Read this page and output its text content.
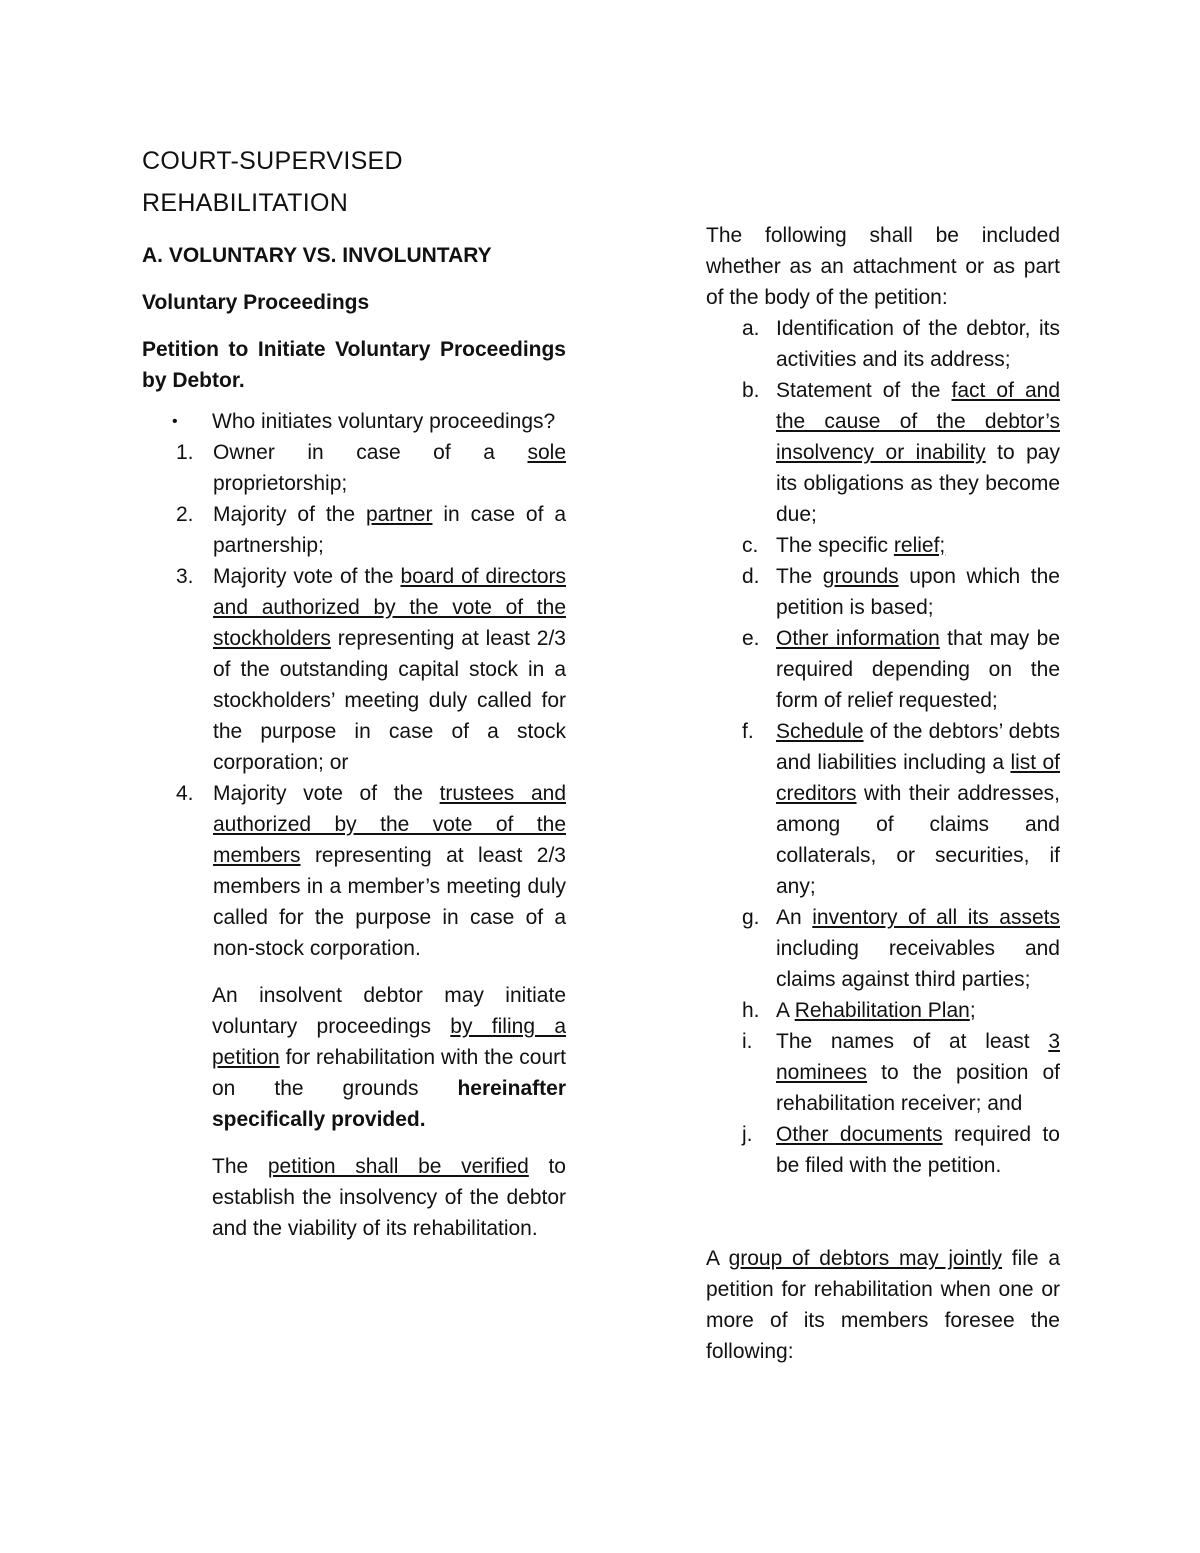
COURT-SUPERVISED
REHABILITATION
A. VOLUNTARY VS. INVOLUNTARY
Voluntary Proceedings

Petition to Initiate Voluntary Proceedings by Debtor.

• Who initiates voluntary proceedings?

1. Owner in case of a sole proprietorship;
2. Majority of the partner in case of a partnership;
3. Majority vote of the board of directors and authorized by the vote of the stockholders representing at least 2/3 of the outstanding capital stock in a stockholders’ meeting duly called for the purpose in case of a stock corporation; or
4. Majority vote of the trustees and authorized by the vote of the members representing at least 2/3 members in a member’s meeting duly called for the purpose in case of a non-stock corporation.

An insolvent debtor may initiate voluntary proceedings by filing a petition for rehabilitation with the court on the grounds hereinafter specifically provided.

The petition shall be verified to establish the insolvency of the debtor and the viability of its rehabilitation.

The following shall be included whether as an attachment or as part of the body of the petition:

a. Identification of the debtor, its activities and its address;
b. Statement of the fact of and the cause of the debtor’s insolvency or inability to pay its obligations as they become due;
c. The specific relief;
d. The grounds upon which the petition is based;
e. Other information that may be required depending on the form of relief requested;
f. Schedule of the debtors’ debts and liabilities including a list of creditors with their addresses, among of claims and collaterals, or securities, if any;
g. An inventory of all its assets including receivables and claims against third parties;
h. A Rehabilitation Plan;
i. The names of at least 3 nominees to the position of rehabilitation receiver; and
j. Other documents required to be filed with the petition.

A group of debtors may jointly file a petition for rehabilitation when one or more of its members foresee the following:
